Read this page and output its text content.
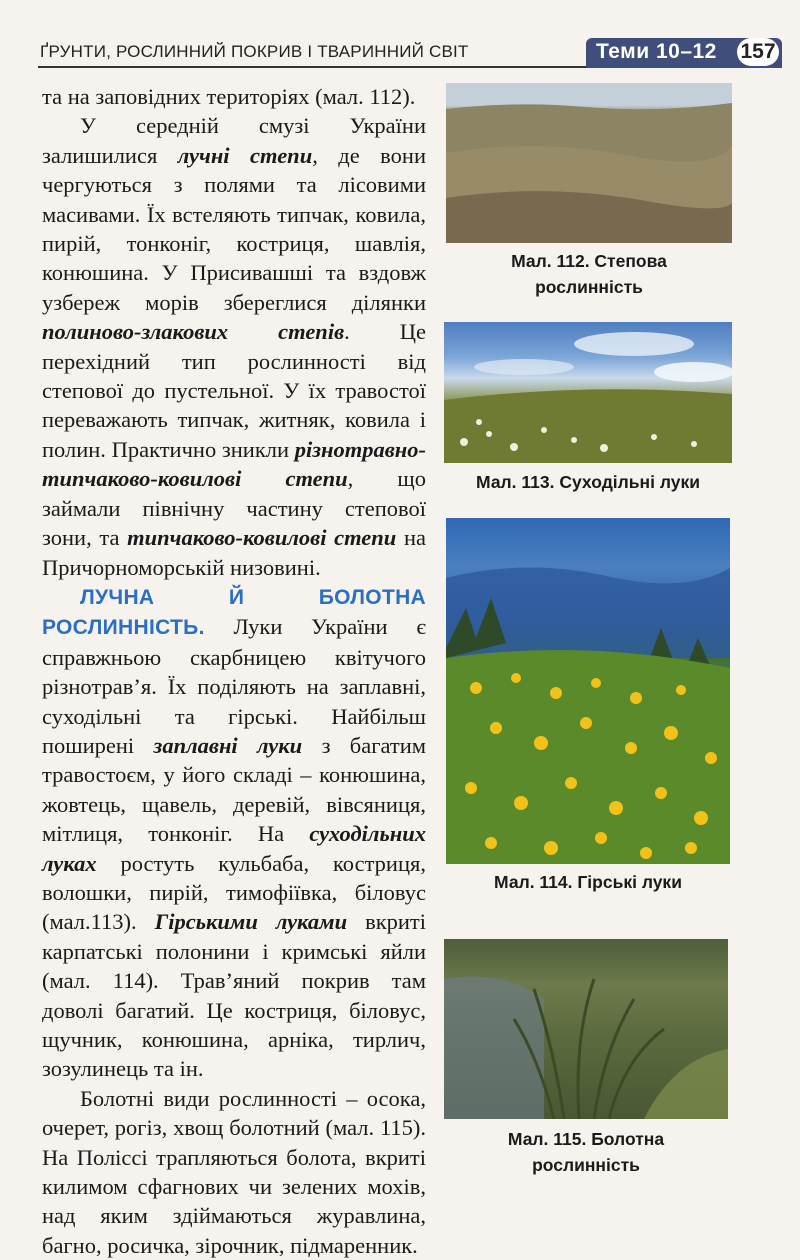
ҐРУНТИ, РОСЛИННИЙ ПОКРИВ І ТВАРИННИЙ СВІТ	Теми 10–12 157

та на заповідних територіях (мал. 112).

У середній смузі України залишилися лучні степи, де вони чергуються з полями та лісовими масивами. Їх встеляють типчак, ковила, пирій, тонконіг, костриця, шавлія, конюшина. У Присивашші та вздовж узбереж морів збереглися ділянки полиново-злакових степів. Це перехідний тип рослинності від степової до пустельної. У їх травостої переважають типчак, житняк, ковила і полин. Практично зникли різнотравно-типчаково-ковилові степи, що займали північну частину степової зони, та типчаково-ковилові степи на Причорноморській низовині.

ЛУЧНА Й БОЛОТНА РОСЛИННІСТЬ. Луки України є справжньою скарбницею квітучого різнотрав’я. Їх поділяють на заплавні, суходільні та гірські. Найбільш поширені заплавні луки з багатим травостоєм, у його складі – конюшина, жовтець, щавель, деревій, вівсяниця, мітлиця, тонконіг. На суходільних луках ростуть кульбаба, костриця, волошки, пирій, тимофіївка, біловус (мал.113). Гірськими луками вкриті карпатські полонини і кримські яйли (мал. 114). Трав’яний покрив там доволі багатий. Це костриця, біловус, щучник, конюшина, арніка, тирлич, зозулинець та ін.

Болотні види рослинності – осока, очерет, рогіз, хвощ болотний (мал. 115). На Поліссі трапляються болота, вкриті килимом сфагнових чи зелених мохів, над яким здіймаються журавлина, багно, росичка, зірочник, підмаренник.

Мал. 112. Степова
рослинність
Мал. 113. Суходільні луки
Мал. 114. Гірські луки
Мал. 115. Болотна
рослинність
